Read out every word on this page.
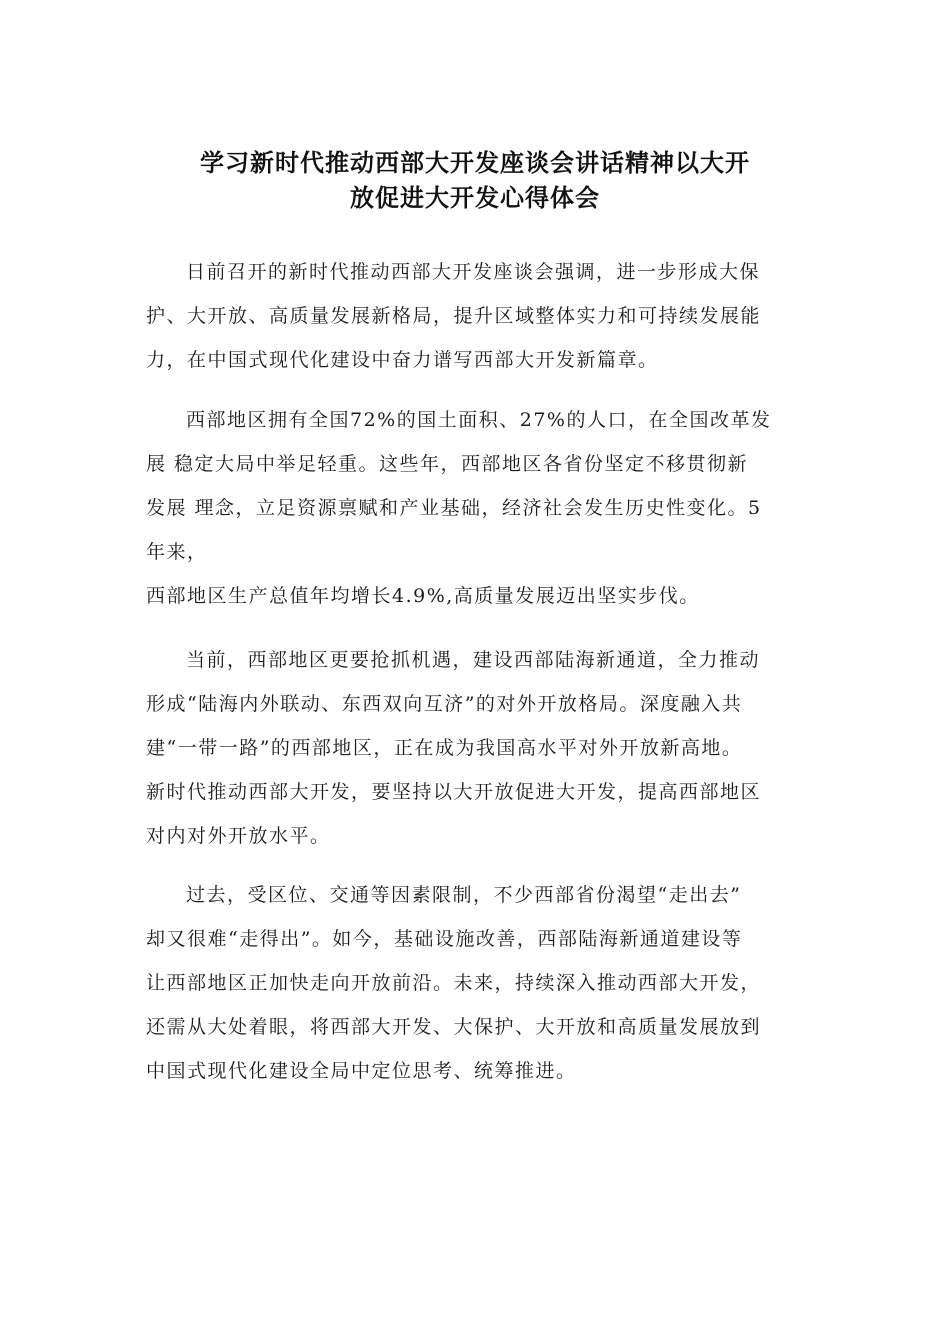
学习新时代推动西部大开发座谈会讲话精神以大开
放促进大开发心得体会
日前召开的新时代推动西部大开发座谈会强调，进一步形成大保
护、大开放、高质量发展新格局，提升区域整体实力和可持续发展能
力，在中国式现代化建设中奋力谱写西部大开发新篇章。
西部地区拥有全国72%的国土面积、27%的人口，在全国改革发
展 稳定大局中举足轻重。这些年，西部地区各省份坚定不移贯彻新
发展 理念，立足资源禀赋和产业基础，经济社会发生历史性变化。5
年来，
西部地区生产总值年均增长4.9%,高质量发展迈出坚实步伐。
当前，西部地区更要抢抓机遇，建设西部陆海新通道，全力推动
形成“陆海内外联动、东西双向互济”的对外开放格局。深度融入共
建“一带一路”的西部地区，正在成为我国高水平对外开放新高地。
新时代推动西部大开发，要坚持以大开放促进大开发，提高西部地区
对内对外开放水平。
过去，受区位、交通等因素限制，不少西部省份渴望“走出去”
却又很难“走得出”。如今，基础设施改善，西部陆海新通道建设等
让西部地区正加快走向开放前沿。未来，持续深入推动西部大开发，
还需从大处着眼，将西部大开发、大保护、大开放和高质量发展放到
中国式现代化建设全局中定位思考、统筹推进。
